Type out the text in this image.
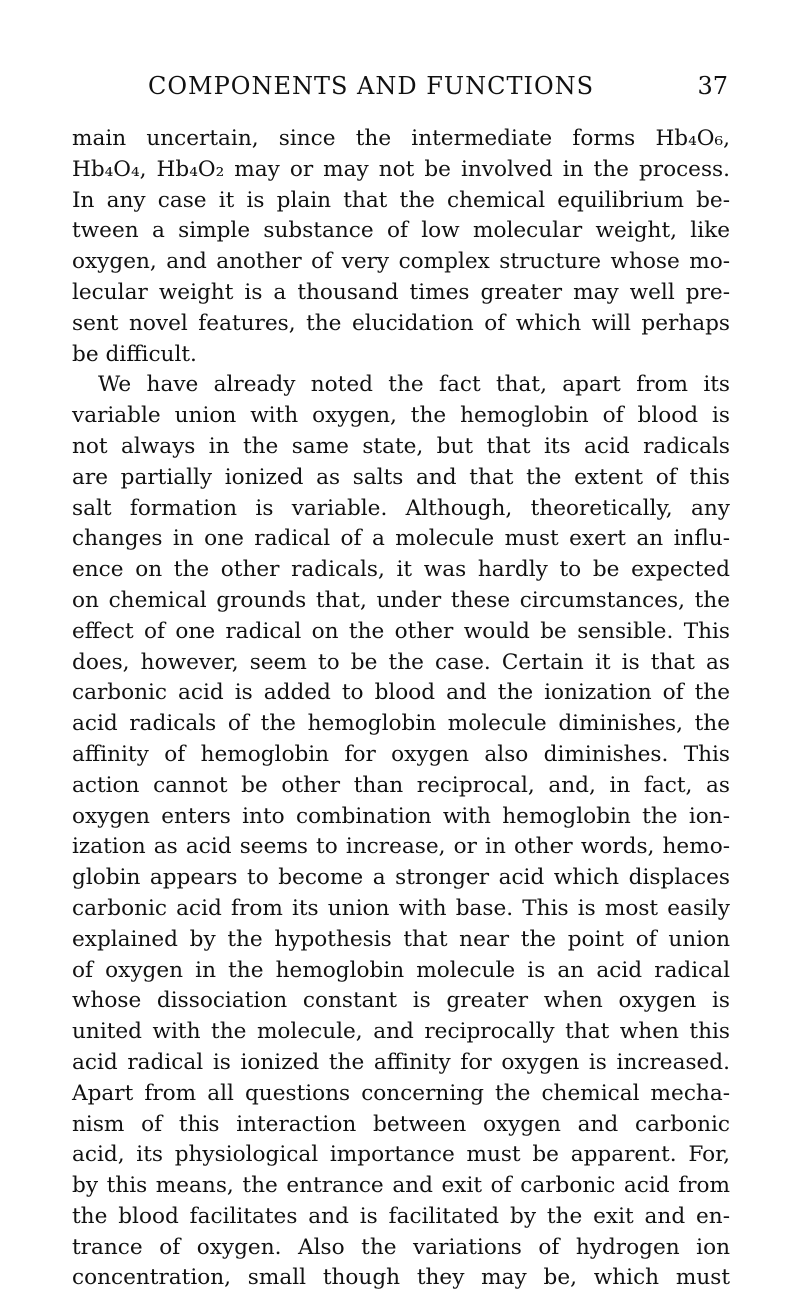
COMPONENTS AND FUNCTIONS	37
main uncertain, since the intermediate forms Hb₄O₆,
Hb₄O₄, Hb₄O₂ may or may not be involved in the process.
In any case it is plain that the chemical equilibrium be-
tween a simple substance of low molecular weight, like
oxygen, and another of very complex structure whose mo-
lecular weight is a thousand times greater may well pre-
sent novel features, the elucidation of which will perhaps
be difficult.
We have already noted the fact that, apart from its
variable union with oxygen, the hemoglobin of blood is
not always in the same state, but that its acid radicals
are partially ionized as salts and that the extent of this
salt formation is variable. Although, theoretically, any
changes in one radical of a molecule must exert an influ-
ence on the other radicals, it was hardly to be expected
on chemical grounds that, under these circumstances, the
effect of one radical on the other would be sensible. This
does, however, seem to be the case. Certain it is that as
carbonic acid is added to blood and the ionization of the
acid radicals of the hemoglobin molecule diminishes, the
affinity of hemoglobin for oxygen also diminishes. This
action cannot be other than reciprocal, and, in fact, as
oxygen enters into combination with hemoglobin the ion-
ization as acid seems to increase, or in other words, hemo-
globin appears to become a stronger acid which displaces
carbonic acid from its union with base. This is most easily
explained by the hypothesis that near the point of union
of oxygen in the hemoglobin molecule is an acid radical
whose dissociation constant is greater when oxygen is
united with the molecule, and reciprocally that when this
acid radical is ionized the affinity for oxygen is increased.
Apart from all questions concerning the chemical mecha-
nism of this interaction between oxygen and carbonic
acid, its physiological importance must be apparent. For,
by this means, the entrance and exit of carbonic acid from
the blood facilitates and is facilitated by the exit and en-
trance of oxygen. Also the variations of hydrogen ion
concentration, small though they may be, which must
